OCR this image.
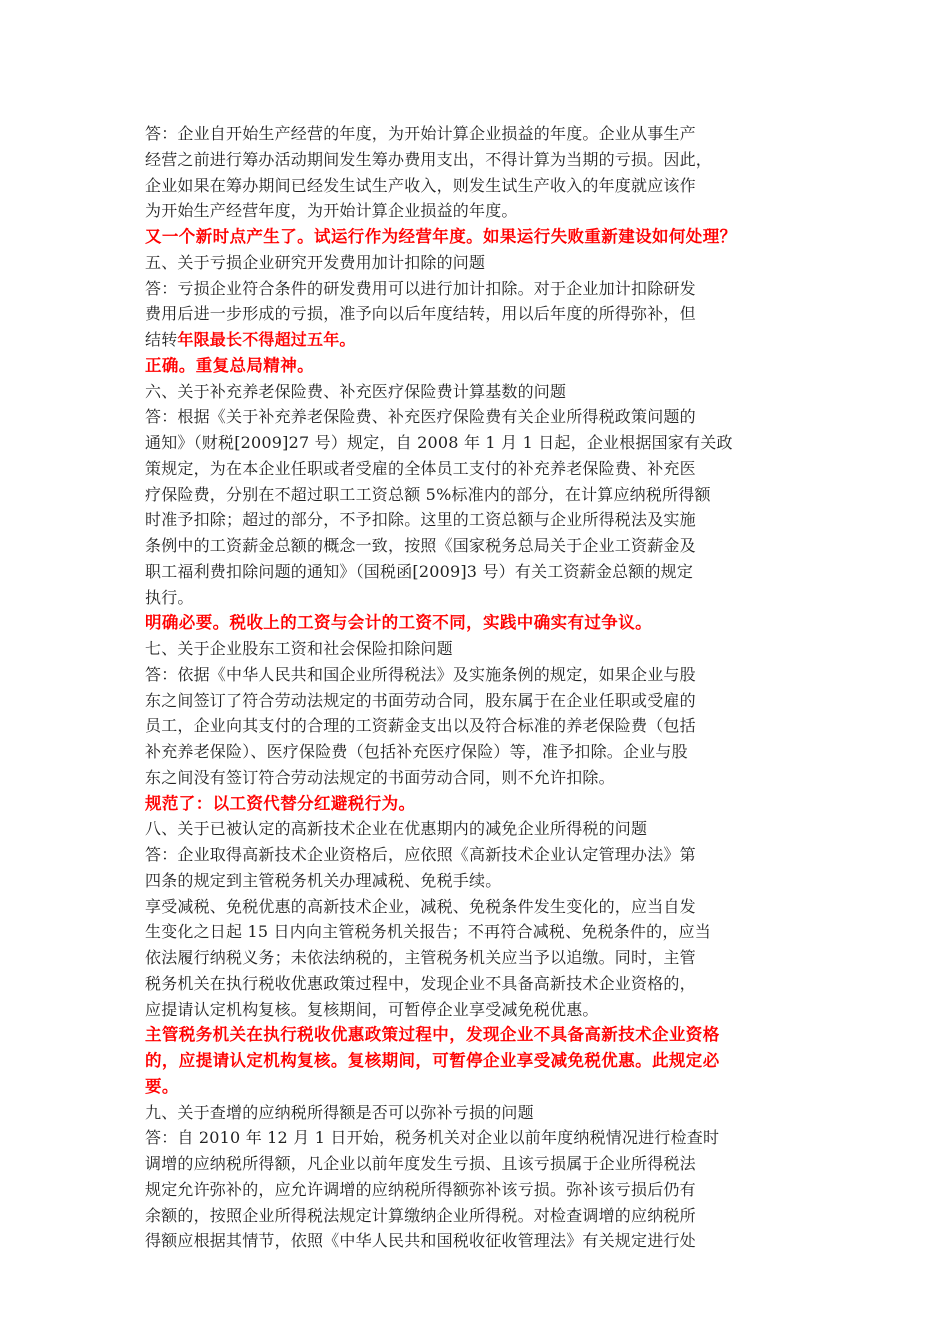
答：企业自开始生产经营的年度，为开始计算企业损益的年度。企业从事生产
经营之前进行筹办活动期间发生筹办费用支出，不得计算为当期的亏损。因此，
企业如果在筹办期间已经发生试生产收入，则发生试生产收入的年度就应该作
为开始生产经营年度，为开始计算企业损益的年度。
又一个新时点产生了。试运行作为经营年度。如果运行失败重新建设如何处理？
五、关于亏损企业研究开发费用加计扣除的问题
答：亏损企业符合条件的研发费用可以进行加计扣除。对于企业加计扣除研发
费用后进一步形成的亏损，准予向以后年度结转，用以后年度的所得弥补，但
结转年限最长不得超过五年。
正确。重复总局精神。
六、关于补充养老保险费、补充医疗保险费计算基数的问题
答：根据《关于补充养老保险费、补充医疗保险费有关企业所得税政策问题的
通知》（财税[2009]27 号）规定，自 2008 年 1 月 1 日起，企业根据国家有关政
策规定，为在本企业任职或者受雇的全体员工支付的补充养老保险费、补充医
疗保险费，分别在不超过职工工资总额 5%标准内的部分，在计算应纳税所得额
时准予扣除；超过的部分，不予扣除。这里的工资总额与企业所得税法及实施
条例中的工资薪金总额的概念一致，按照《国家税务总局关于企业工资薪金及
职工福利费扣除问题的通知》（国税函[2009]3 号）有关工资薪金总额的规定
执行。
明确必要。税收上的工资与会计的工资不同，实践中确实有过争议。
七、关于企业股东工资和社会保险扣除问题
答：依据《中华人民共和国企业所得税法》及实施条例的规定，如果企业与股
东之间签订了符合劳动法规定的书面劳动合同，股东属于在企业任职或受雇的
员工，企业向其支付的合理的工资薪金支出以及符合标准的养老保险费（包括
补充养老保险）、医疗保险费（包括补充医疗保险）等，准予扣除。企业与股
东之间没有签订符合劳动法规定的书面劳动合同，则不允许扣除。
规范了：以工资代替分红避税行为。
八、关于已被认定的高新技术企业在优惠期内的减免企业所得税的问题
答：企业取得高新技术企业资格后，应依照《高新技术企业认定管理办法》第
四条的规定到主管税务机关办理减税、免税手续。
享受减税、免税优惠的高新技术企业，减税、免税条件发生变化的，应当自发
生变化之日起 15 日内向主管税务机关报告；不再符合减税、免税条件的，应当
依法履行纳税义务；未依法纳税的，主管税务机关应当予以追缴。同时，主管
税务机关在执行税收优惠政策过程中，发现企业不具备高新技术企业资格的，
应提请认定机构复核。复核期间，可暂停企业享受减免税优惠。
主管税务机关在执行税收优惠政策过程中，发现企业不具备高新技术企业资格
的，应提请认定机构复核。复核期间，可暂停企业享受减免税优惠。此规定必
要。
九、关于查增的应纳税所得额是否可以弥补亏损的问题
答：自 2010 年 12 月 1 日开始，税务机关对企业以前年度纳税情况进行检查时
调增的应纳税所得额，凡企业以前年度发生亏损、且该亏损属于企业所得税法
规定允许弥补的，应允许调增的应纳税所得额弥补该亏损。弥补该亏损后仍有
余额的，按照企业所得税法规定计算缴纳企业所得税。对检查调增的应纳税所
得额应根据其情节，依照《中华人民共和国税收征收管理法》有关规定进行处
